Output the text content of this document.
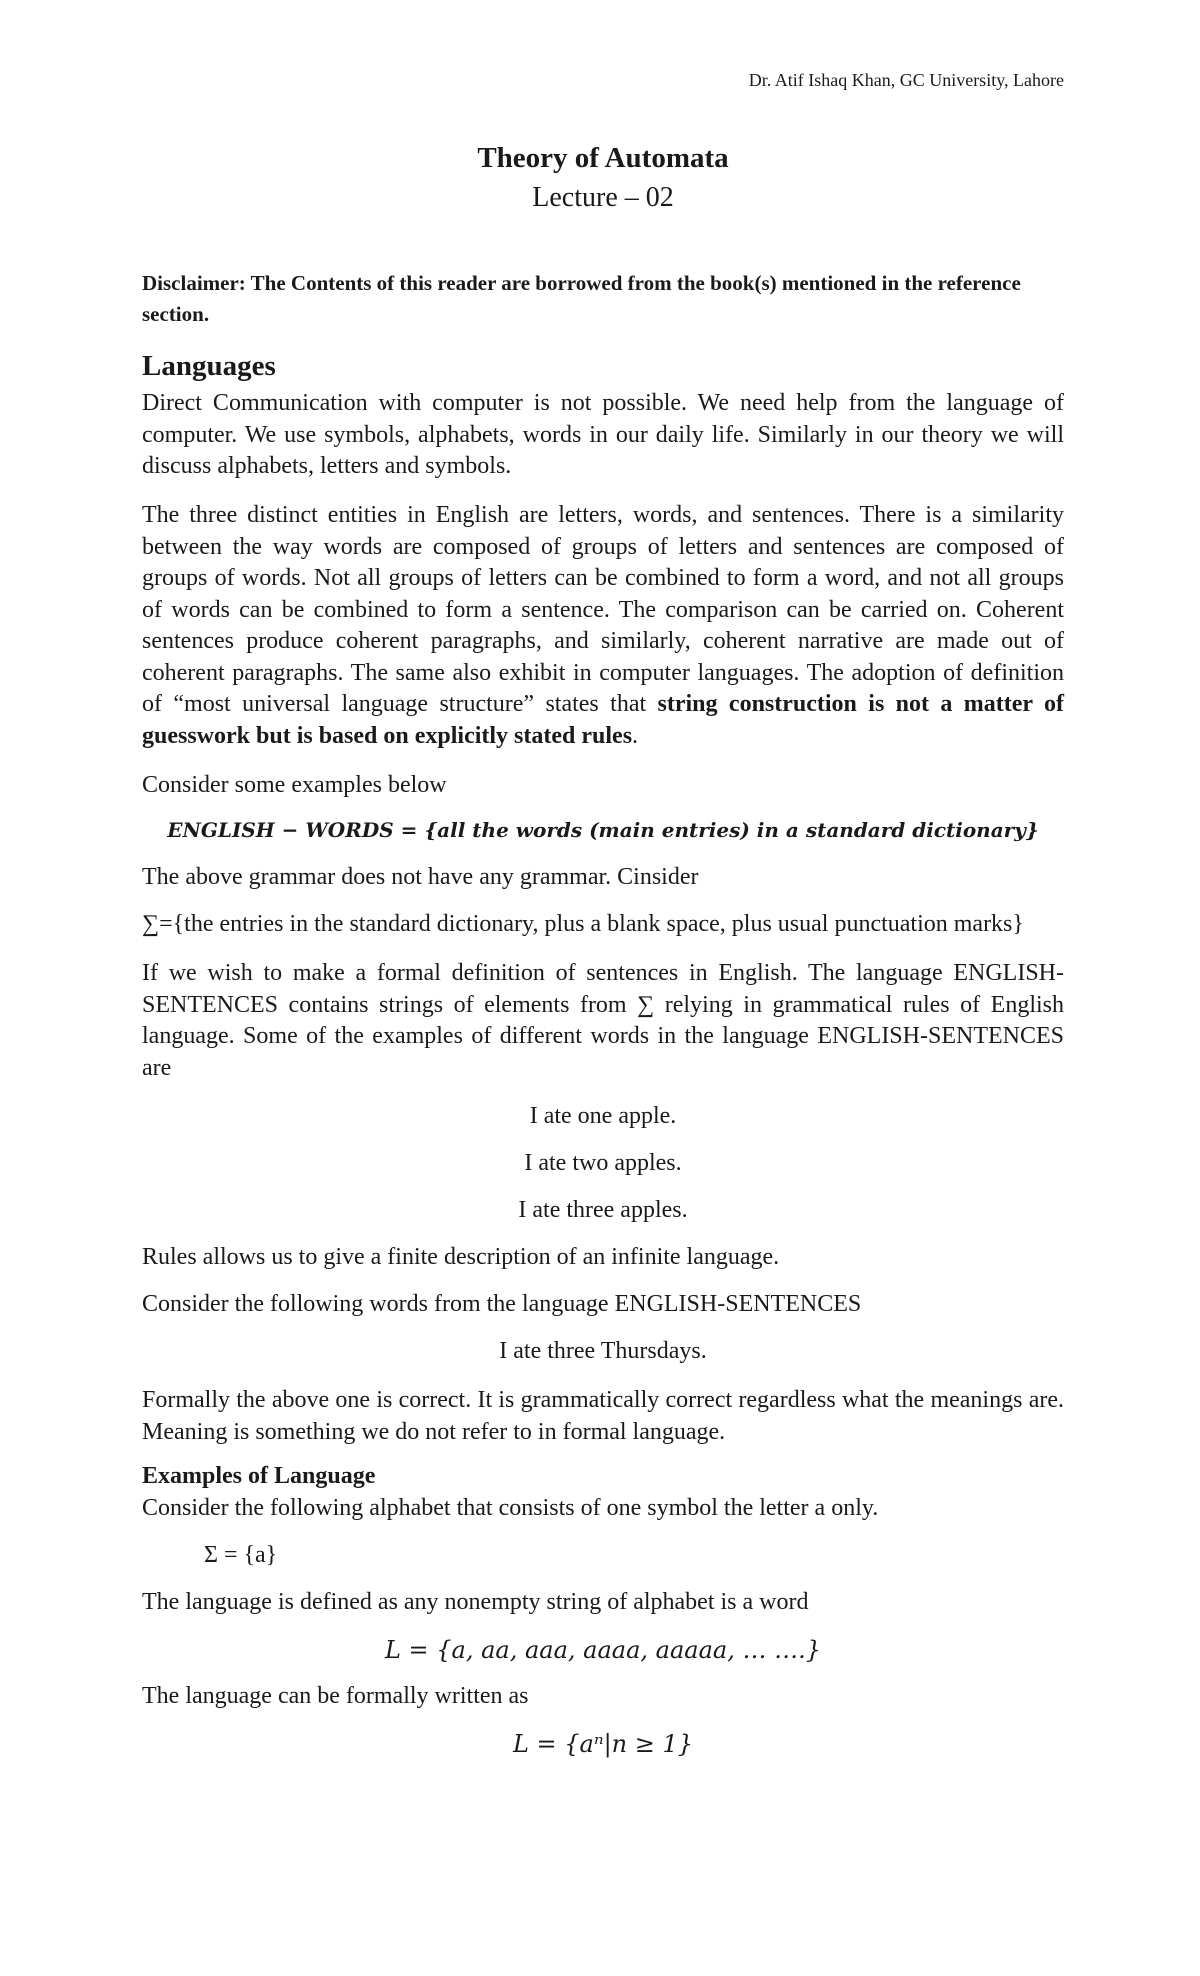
Dr. Atif Ishaq Khan, GC University, Lahore
Theory of Automata
Lecture – 02
Disclaimer: The Contents of this reader are borrowed from the book(s) mentioned in the reference section.
Languages
Direct Communication with computer is not possible. We need help from the language of computer. We use symbols, alphabets, words in our daily life. Similarly in our theory we will discuss alphabets, letters and symbols.
The three distinct entities in English are letters, words, and sentences. There is a similarity between the way words are composed of groups of letters and sentences are composed of groups of words. Not all groups of letters can be combined to form a word, and not all groups of words can be combined to form a sentence. The comparison can be carried on. Coherent sentences produce coherent paragraphs, and similarly, coherent narrative are made out of coherent paragraphs. The same also exhibit in computer languages. The adoption of definition of “most universal language structure” states that string construction is not a matter of guesswork but is based on explicitly stated rules.
Consider some examples below
ENGLISH − WORDS = {all the words (main entries) in a standard dictionary}
The above grammar does not have any grammar. Cinsider
∑={the entries in the standard dictionary, plus a blank space, plus usual punctuation marks}
If we wish to make a formal definition of sentences in English. The language ENGLISH-SENTENCES contains strings of elements from ∑ relying in grammatical rules of English language. Some of the examples of different words in the language ENGLISH-SENTENCES are
I ate one apple.
I ate two apples.
I ate three apples.
Rules allows us to give a finite description of an infinite language.
Consider the following words from the language ENGLISH-SENTENCES
I ate three Thursdays.
Formally the above one is correct. It is grammatically correct regardless what the meanings are. Meaning is something we do not refer to in formal language.
Examples of Language
Consider the following alphabet that consists of one symbol the letter a only.
Σ = {a}
The language is defined as any nonempty string of alphabet is a word
L = {a, aa, aaa, aaaa, aaaaa, … ….}
The language can be formally written as
L = {aⁿ|n ≥ 1}
